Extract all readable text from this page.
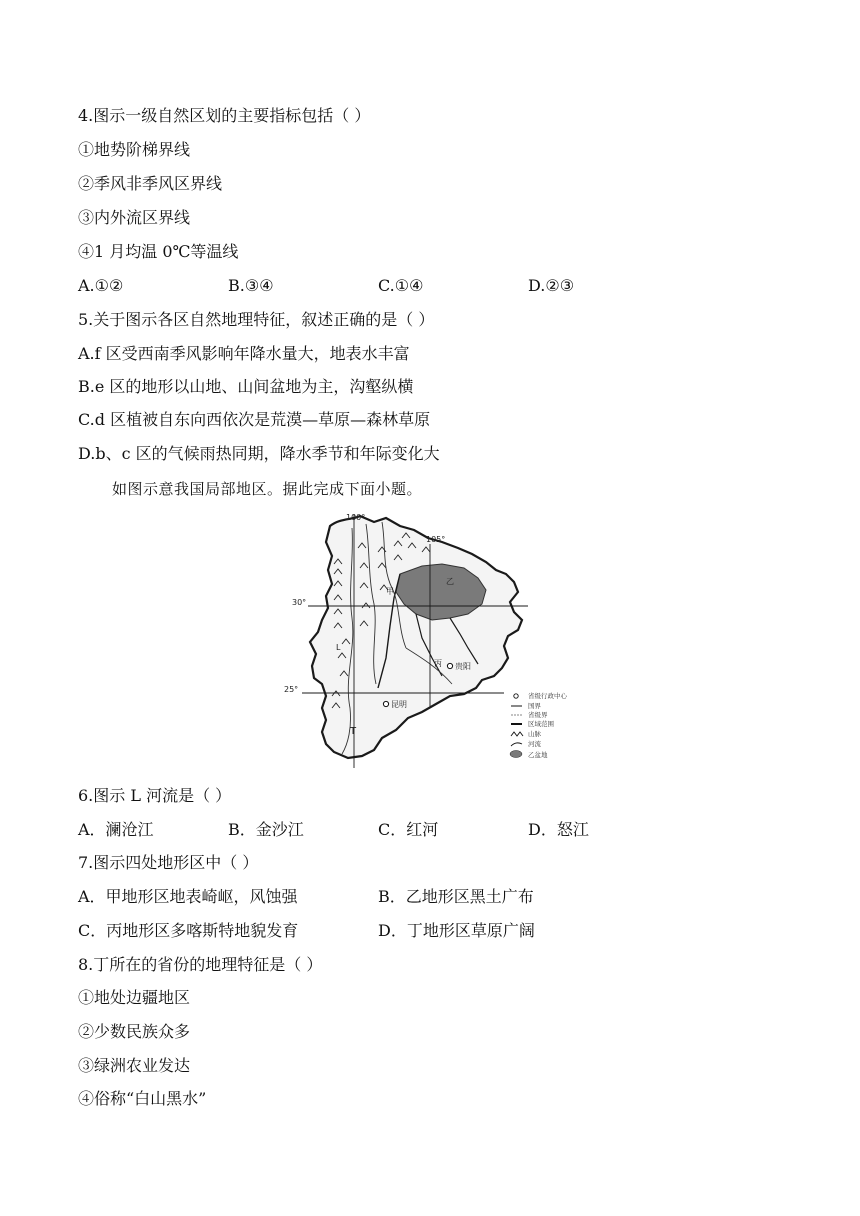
4.图示一级自然区划的主要指标包括（ ）
①地势阶梯界线
②季风非季风区界线
③内外流区界线
④1 月均温 0℃等温线
A.①②	B.③④	C.①④	D.②③
5.关于图示各区自然地理特征，叙述正确的是（ ）
A.f 区受西南季风影响年降水量大，地表水丰富
B.e 区的地形以山地、山间盆地为主，沟壑纵横
C.d 区植被自东向西依次是荒漠—草原—森林草原
D.b、c 区的气候雨热同期，降水季节和年际变化大
如图示意我国局部地区。据此完成下面小题。
100°
105°
30°
25°
甲
乙
丙
T
L
贵阳
昆明
省级行政中心
国界
省级界
区域范围
山脉
河流
乙盆地
6.图示 L 河流是（ ）
A．澜沧江	B．金沙江	C．红河	D．怒江
7.图示四处地形区中（ ）
A．甲地形区地表崎岖，风蚀强	B．乙地形区黑土广布
C．丙地形区多喀斯特地貌发育	D．丁地形区草原广阔
8.丁所在的省份的地理特征是（ ）
①地处边疆地区
②少数民族众多
③绿洲农业发达
④俗称“白山黑水”
